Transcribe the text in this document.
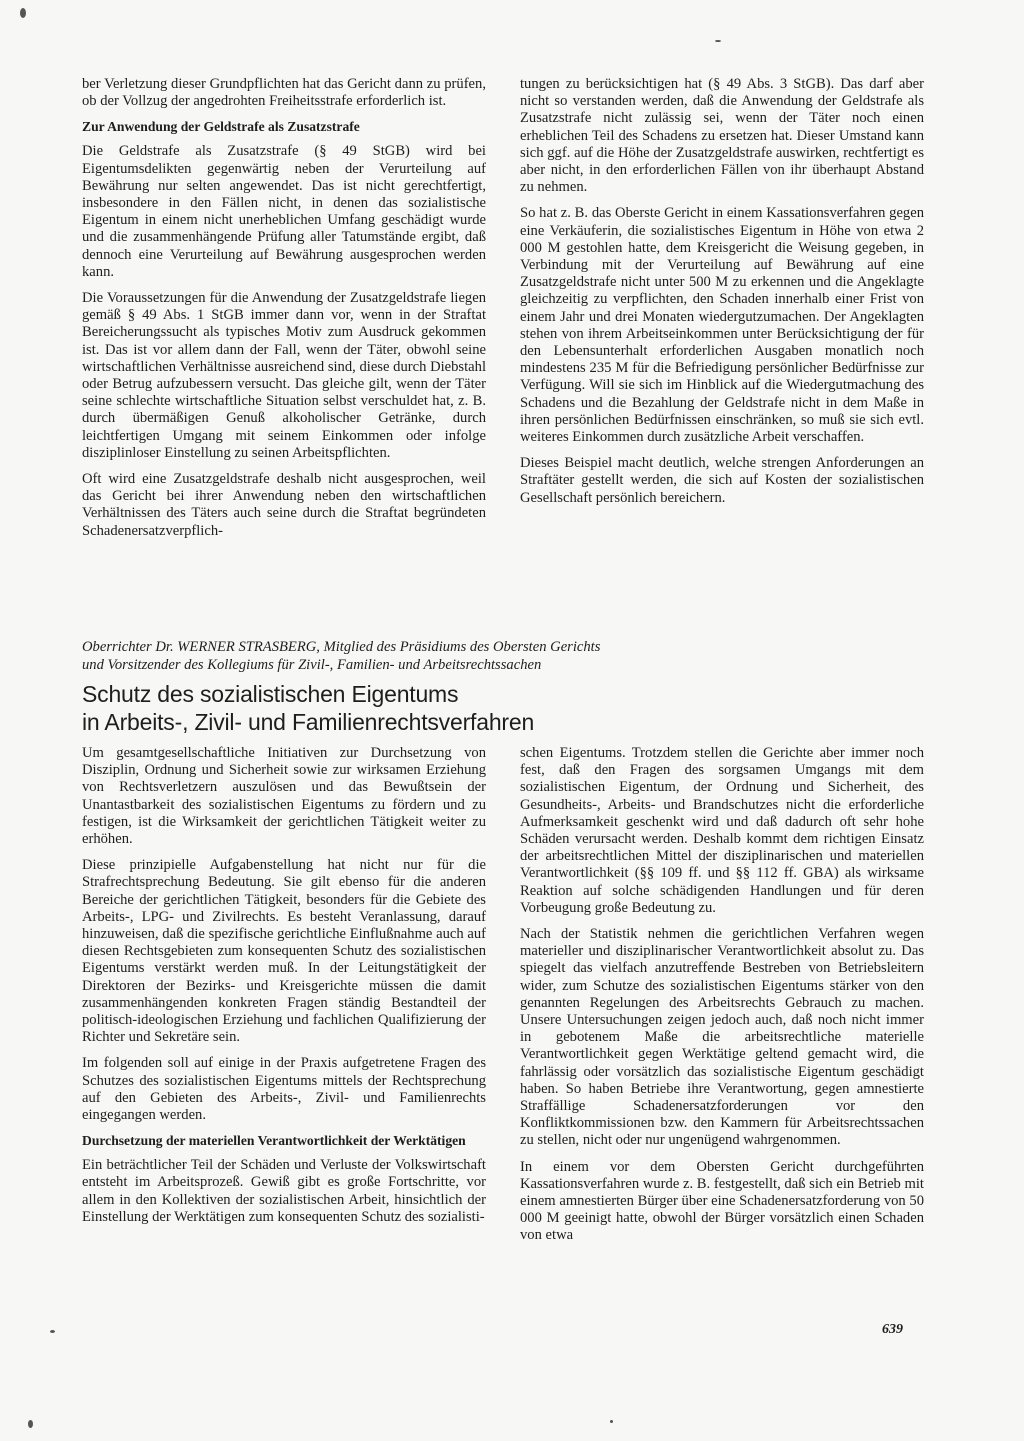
ber Verletzung dieser Grundpflichten hat das Gericht dann zu prüfen, ob der Vollzug der angedrohten Freiheitsstrafe erforderlich ist.

Zur Anwendung der Geldstrafe als Zusatzstrafe

Die Geldstrafe als Zusatzstrafe (§ 49 StGB) wird bei Eigentumsdelikten gegenwärtig neben der Verurteilung auf Bewährung nur selten angewendet. Das ist nicht gerechtfertigt, insbesondere in den Fällen nicht, in denen das sozialistische Eigentum in einem nicht unerheblichen Umfang geschädigt wurde und die zusammenhängende Prüfung aller Tatumstände ergibt, daß dennoch eine Verurteilung auf Bewährung ausgesprochen werden kann.

Die Voraussetzungen für die Anwendung der Zusatzgeldstrafe liegen gemäß § 49 Abs. 1 StGB immer dann vor, wenn in der Straftat Bereicherungssucht als typisches Motiv zum Ausdruck gekommen ist. Das ist vor allem dann der Fall, wenn der Täter, obwohl seine wirtschaftlichen Verhältnisse ausreichend sind, diese durch Diebstahl oder Betrug aufzubessern versucht. Das gleiche gilt, wenn der Täter seine schlechte wirtschaftliche Situation selbst verschuldet hat, z. B. durch übermäßigen Genuß alkoholischer Getränke, durch leichtfertigen Umgang mit seinem Einkommen oder infolge disziplinloser Einstellung zu seinen Arbeitspflichten.

Oft wird eine Zusatzgeldstrafe deshalb nicht ausgesprochen, weil das Gericht bei ihrer Anwendung neben den wirtschaftlichen Verhältnissen des Täters auch seine durch die Straftat begründeten Schadenersatzverpflich-

tungen zu berücksichtigen hat (§ 49 Abs. 3 StGB). Das darf aber nicht so verstanden werden, daß die Anwendung der Geldstrafe als Zusatzstrafe nicht zulässig sei, wenn der Täter noch einen erheblichen Teil des Schadens zu ersetzen hat. Dieser Umstand kann sich ggf. auf die Höhe der Zusatzgeldstrafe auswirken, rechtfertigt es aber nicht, in den erforderlichen Fällen von ihr überhaupt Abstand zu nehmen.

So hat z. B. das Oberste Gericht in einem Kassationsverfahren gegen eine Verkäuferin, die sozialistisches Eigentum in Höhe von etwa 2 000 M gestohlen hatte, dem Kreisgericht die Weisung gegeben, in Verbindung mit der Verurteilung auf Bewährung auf eine Zusatzgeldstrafe nicht unter 500 M zu erkennen und die Angeklagte gleichzeitig zu verpflichten, den Schaden innerhalb einer Frist von einem Jahr und drei Monaten wiedergutzumachen. Der Angeklagten stehen von ihrem Arbeitseinkommen unter Berücksichtigung der für den Lebensunterhalt erforderlichen Ausgaben monatlich noch mindestens 235 M für die Befriedigung persönlicher Bedürfnisse zur Verfügung. Will sie sich im Hinblick auf die Wiedergutmachung des Schadens und die Bezahlung der Geldstrafe nicht in dem Maße in ihren persönlichen Bedürfnissen einschränken, so muß sie sich evtl. weiteres Einkommen durch zusätzliche Arbeit verschaffen.

Dieses Beispiel macht deutlich, welche strengen Anforderungen an Straftäter gestellt werden, die sich auf Kosten der sozialistischen Gesellschaft persönlich bereichern.

Oberrichter Dr. WERNER STRASBERG, Mitglied des Präsidiums des Obersten Gerichts
und Vorsitzender des Kollegiums für Zivil-, Familien- und Arbeitsrechtssachen
Schutz des sozialistischen Eigentums
in Arbeits-, Zivil- und Familienrechtsverfahren

Um gesamtgesellschaftliche Initiativen zur Durchsetzung von Disziplin, Ordnung und Sicherheit sowie zur wirksamen Erziehung von Rechtsverletzern auszulösen und das Bewußtsein der Unantastbarkeit des sozialistischen Eigentums zu fördern und zu festigen, ist die Wirksamkeit der gerichtlichen Tätigkeit weiter zu erhöhen.

Diese prinzipielle Aufgabenstellung hat nicht nur für die Strafrechtsprechung Bedeutung. Sie gilt ebenso für die anderen Bereiche der gerichtlichen Tätigkeit, besonders für die Gebiete des Arbeits-, LPG- und Zivilrechts. Es besteht Veranlassung, darauf hinzuweisen, daß die spezifische gerichtliche Einflußnahme auch auf diesen Rechtsgebieten zum konsequenten Schutz des sozialistischen Eigentums verstärkt werden muß. In der Leitungstätigkeit der Direktoren der Bezirks- und Kreisgerichte müssen die damit zusammenhängenden konkreten Fragen ständig Bestandteil der politisch-ideologischen Erziehung und fachlichen Qualifizierung der Richter und Sekretäre sein.

Im folgenden soll auf einige in der Praxis aufgetretene Fragen des Schutzes des sozialistischen Eigentums mittels der Rechtsprechung auf den Gebieten des Arbeits-, Zivil- und Familienrechts eingegangen werden.

Durchsetzung der materiellen Verantwortlichkeit der Werktätigen

Ein beträchtlicher Teil der Schäden und Verluste der Volkswirtschaft entsteht im Arbeitsprozeß. Gewiß gibt es große Fortschritte, vor allem in den Kollektiven der sozialistischen Arbeit, hinsichtlich der Einstellung der Werktätigen zum konsequenten Schutz des sozialisti-

schen Eigentums. Trotzdem stellen die Gerichte aber immer noch fest, daß den Fragen des sorgsamen Umgangs mit dem sozialistischen Eigentum, der Ordnung und Sicherheit, des Gesundheits-, Arbeits- und Brandschutzes nicht die erforderliche Aufmerksamkeit geschenkt wird und daß dadurch oft sehr hohe Schäden verursacht werden. Deshalb kommt dem richtigen Einsatz der arbeitsrechtlichen Mittel der disziplinarischen und materiellen Verantwortlichkeit (§§ 109 ff. und §§ 112 ff. GBA) als wirksame Reaktion auf solche schädigenden Handlungen und für deren Vorbeugung große Bedeutung zu.

Nach der Statistik nehmen die gerichtlichen Verfahren wegen materieller und disziplinarischer Verantwortlichkeit absolut zu. Das spiegelt das vielfach anzutreffende Bestreben von Betriebsleitern wider, zum Schutze des sozialistischen Eigentums stärker von den genannten Regelungen des Arbeitsrechts Gebrauch zu machen. Unsere Untersuchungen zeigen jedoch auch, daß noch nicht immer in gebotenem Maße die arbeitsrechtliche materielle Verantwortlichkeit gegen Werktätige geltend gemacht wird, die fahrlässig oder vorsätzlich das sozialistische Eigentum geschädigt haben. So haben Betriebe ihre Verantwortung, gegen amnestierte Straffällige Schadenersatzforderungen vor den Konfliktkommissionen bzw. den Kammern für Arbeitsrechtssachen zu stellen, nicht oder nur ungenügend wahrgenommen.

In einem vor dem Obersten Gericht durchgeführten Kassationsverfahren wurde z. B. festgestellt, daß sich ein Betrieb mit einem amnestierten Bürger über eine Schadenersatzforderung von 50 000 M geeinigt hatte, obwohl der Bürger vorsätzlich einen Schaden von etwa

639
